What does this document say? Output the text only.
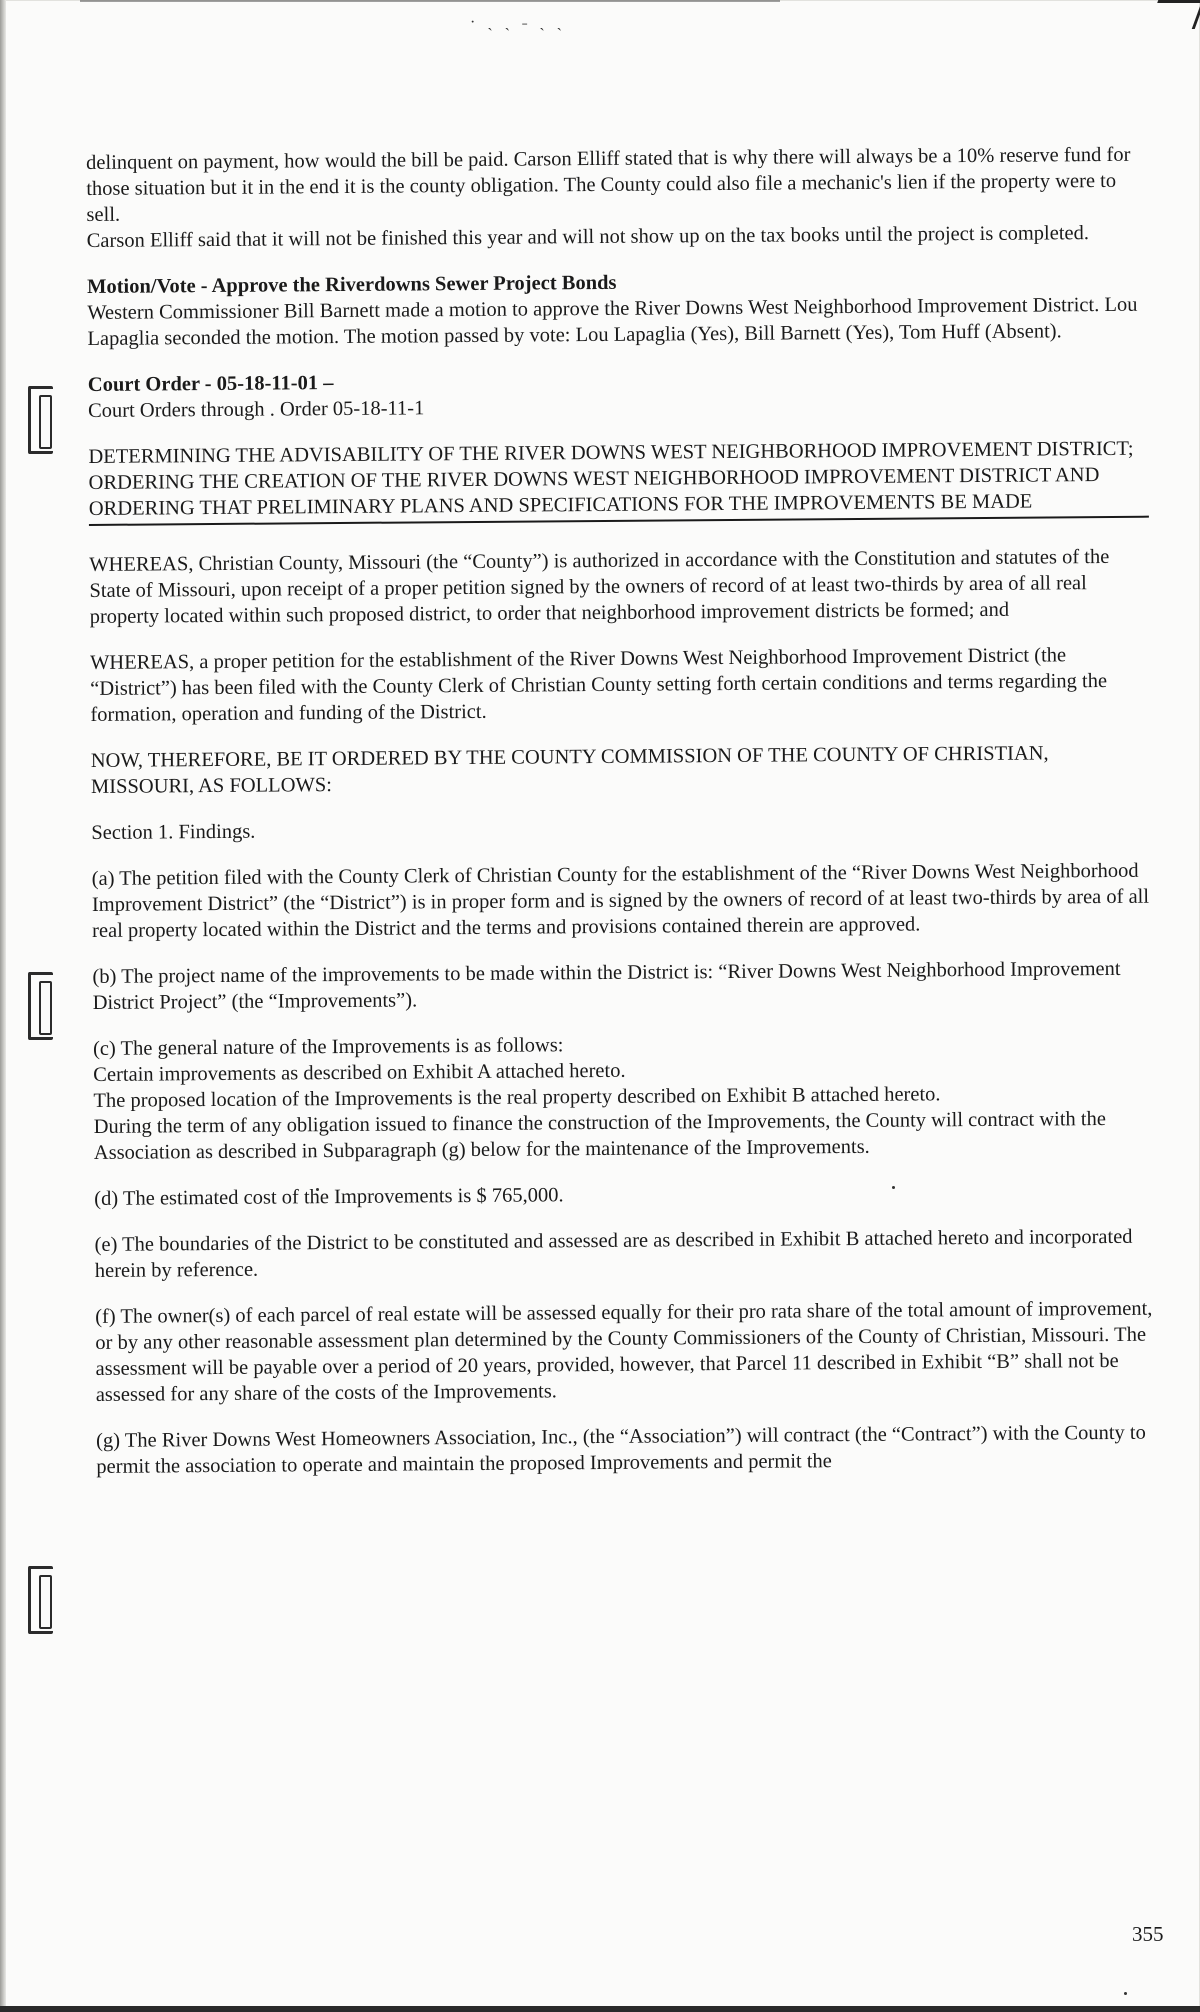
· ˎ ˎ ˗ ˎ ˏ

delinquent on payment, how would the bill be paid. Carson Elliff stated that is why there will always be a 10% reserve fund for those situation but it in the end it is the county obligation. The County could also file a mechanic's lien if the property were to sell.

Carson Elliff said that it will not be finished this year and will not show up on the tax books until the project is completed.

Motion/Vote - Approve the Riverdowns Sewer Project Bonds

Western Commissioner Bill Barnett made a motion to approve the River Downs West Neighborhood Improvement District. Lou Lapaglia seconded the motion. The motion passed by vote: Lou Lapaglia (Yes), Bill Barnett (Yes), Tom Huff (Absent).

Court Order - 05-18-11-01 –

Court Orders through . Order 05-18-11-1

DETERMINING THE ADVISABILITY OF THE RIVER DOWNS WEST NEIGHBORHOOD IMPROVEMENT DISTRICT; ORDERING THE CREATION OF THE RIVER DOWNS WEST NEIGHBORHOOD IMPROVEMENT DISTRICT AND ORDERING THAT PRELIMINARY PLANS AND SPECIFICATIONS FOR THE IMPROVEMENTS BE MADE

WHEREAS, Christian County, Missouri (the “County”) is authorized in accordance with the Constitution and statutes of the State of Missouri, upon receipt of a proper petition signed by the owners of record of at least two-thirds by area of all real property located within such proposed district, to order that neighborhood improvement districts be formed; and

WHEREAS, a proper petition for the establishment of the River Downs West Neighborhood Improvement District (the “District”) has been filed with the County Clerk of Christian County setting forth certain conditions and terms regarding the formation, operation and funding of the District.

NOW, THEREFORE, BE IT ORDERED BY THE COUNTY COMMISSION OF THE COUNTY OF CHRISTIAN, MISSOURI, AS FOLLOWS:

Section 1. Findings.

(a) The petition filed with the County Clerk of Christian County for the establishment of the “River Downs West Neighborhood Improvement District” (the “District”) is in proper form and is signed by the owners of record of at least two-thirds by area of all real property located within the District and the terms and provisions contained therein are approved.

(b) The project name of the improvements to be made within the District is: “River Downs West Neighborhood Improvement District Project” (the “Improvements”).

(c) The general nature of the Improvements is as follows:

Certain improvements as described on Exhibit A attached hereto.

The proposed location of the Improvements is the real property described on Exhibit B attached hereto.

During the term of any obligation issued to finance the construction of the Improvements, the County will contract with the Association as described in Subparagraph (g) below for the maintenance of the Improvements.

(d) The estimated cost of the Improvements is $ 765,000.

(e) The boundaries of the District to be constituted and assessed are as described in Exhibit B attached hereto and incorporated herein by reference.

(f) The owner(s) of each parcel of real estate will be assessed equally for their pro rata share of the total amount of improvement, or by any other reasonable assessment plan determined by the County Commissioners of the County of Christian, Missouri. The assessment will be payable over a period of 20 years, provided, however, that Parcel 11 described in Exhibit “B” shall not be assessed for any share of the costs of the Improvements.

(g) The River Downs West Homeowners Association, Inc., (the “Association”) will contract (the “Contract”) with the County to permit the association to operate and maintain the proposed Improvements and permit the

355
